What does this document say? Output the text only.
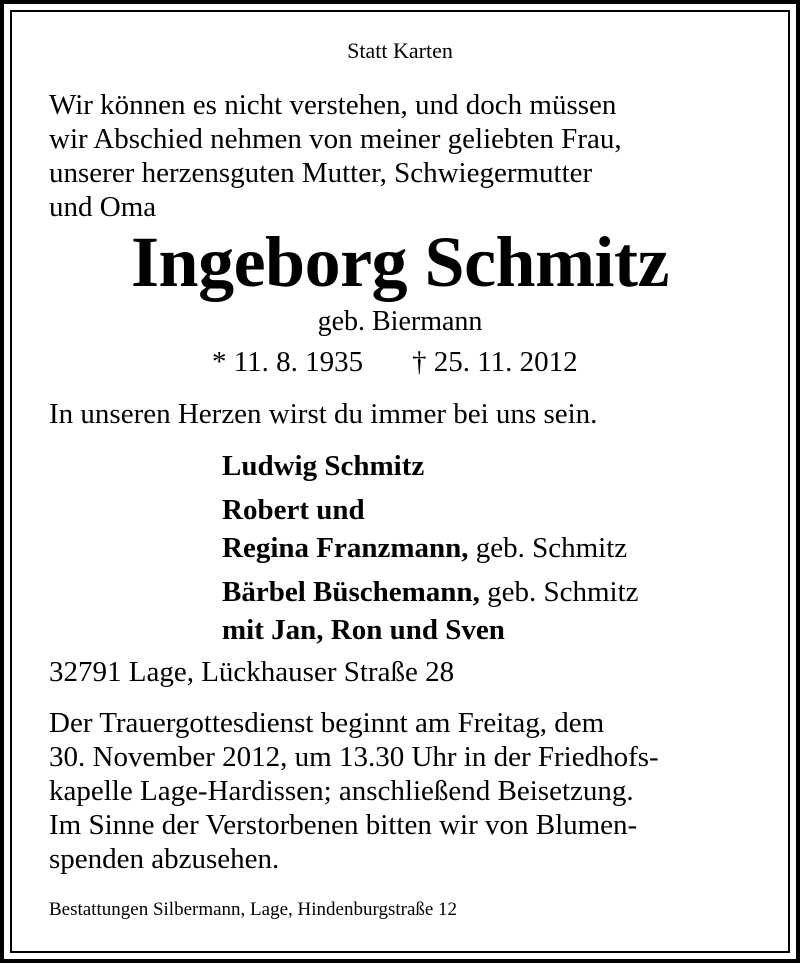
Statt Karten

Wir können es nicht verstehen, und doch müssen
wir Abschied nehmen von meiner geliebten Frau,
unserer herzensguten Mutter, Schwiegermutter
und Oma

Ingeborg Schmitz

geb. Biermann

* 11. 8. 1935 † 25. 11. 2012

In unseren Herzen wirst du immer bei uns sein.

Ludwig Schmitz
Robert und
Regina Franzmann, geb. Schmitz
Bärbel Büschemann, geb. Schmitz
mit Jan, Ron und Sven

32791 Lage, Lückhauser Straße 28

Der Trauergottesdienst beginnt am Freitag, dem
30. November 2012, um 13.30 Uhr in der Friedhofs-
kapelle Lage-Hardissen; anschließend Beisetzung.
Im Sinne der Verstorbenen bitten wir von Blumen-
spenden abzusehen.

Bestattungen Silbermann, Lage, Hindenburgstraße 12
